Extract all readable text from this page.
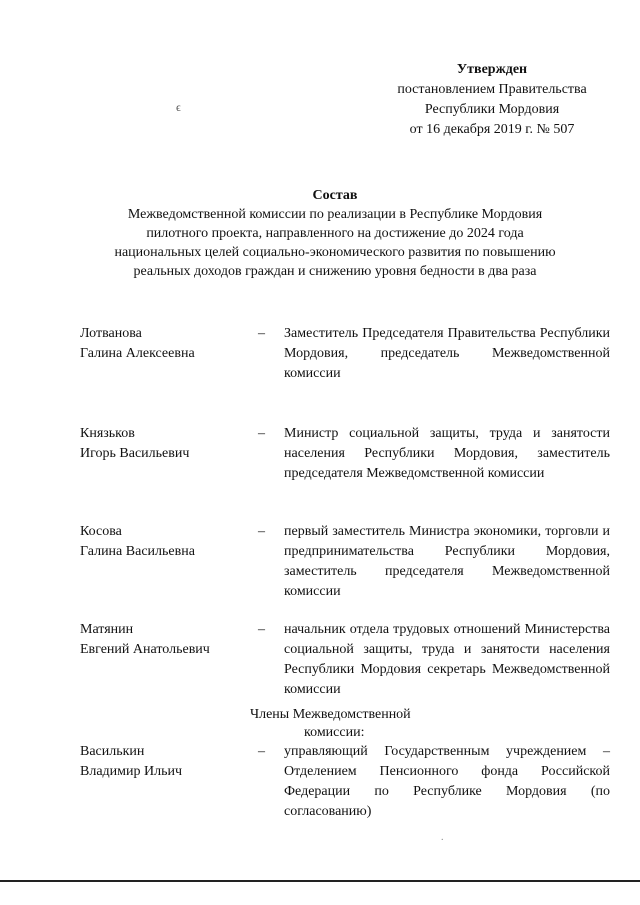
Утвержден
постановлением Правительства
Республики Мордовия
от 16 декабря 2019 г. № 507
ϵ
Состав
Межведомственной комиссии по реализации в Республике Мордовия
пилотного проекта, направленного на достижение до 2024 года
национальных целей социально-экономического развития по повышению
реальных доходов граждан и снижению уровня бедности в два раза
Лотванова
Галина Алексеевна
– Заместитель Председателя Правительства Республики Мордовия, председатель Межведомственной комиссии
Князьков
Игорь Васильевич
– Министр социальной защиты, труда и занятости населения Республики Мордовия, заместитель председателя Межведомственной комиссии
Косова
Галина Васильевна
– первый заместитель Министра экономики, торговли и предпринимательства Республики Мордовия, заместитель председателя Межведомственной комиссии
Матянин
Евгений Анатольевич
– начальник отдела трудовых отношений Министерства социальной защиты, труда и занятости населения Республики Мордовия секретарь Межведомственной комиссии
Члены Межведомственной
комиссии:
Василькин
Владимир Ильич
– управляющий Государственным учреждением – Отделением Пенсионного фонда Российской Федерации по Республике Мордовия (по согласованию)
.
